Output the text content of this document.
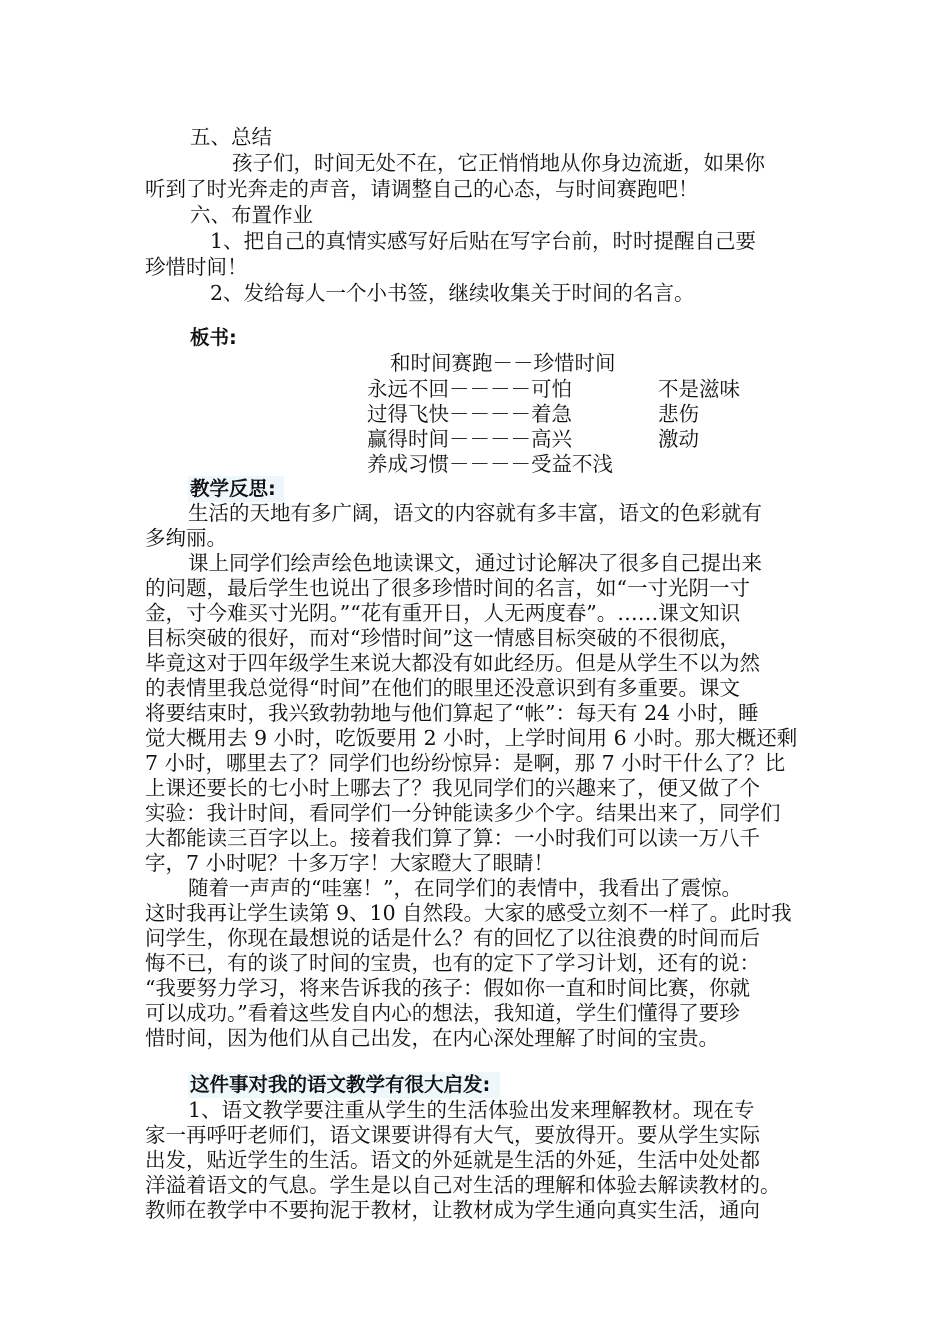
五、总结
孩子们，时间无处不在，它正悄悄地从你身边流逝，如果你
听到了时光奔走的声音，请调整自己的心态，与时间赛跑吧！
六、布置作业
1、把自己的真情实感写好后贴在写字台前，时时提醒自己要
珍惜时间！
2、发给每人一个小书签，继续收集关于时间的名言。
板书:
和时间赛跑－－珍惜时间
永远不回－－－－可怕	不是滋味
过得飞快－－－－着急	悲伤
赢得时间－－－－高兴	激动
养成习惯－－－－受益不浅
教学反思:
生活的天地有多广阔，语文的内容就有多丰富，语文的色彩就有
多绚丽。
课上同学们绘声绘色地读课文，通过讨论解决了很多自己提出来
的问题，最后学生也说出了很多珍惜时间的名言，如“一寸光阴一寸
金，寸今难买寸光阴。”“花有重开日，人无两度春”。……课文知识
目标突破的很好，而对“珍惜时间”这一情感目标突破的不很彻底，
毕竟这对于四年级学生来说大都没有如此经历。但是从学生不以为然
的表情里我总觉得“时间”在他们的眼里还没意识到有多重要。课文
将要结束时，我兴致勃勃地与他们算起了“帐”：每天有 24 小时，睡
觉大概用去 9 小时，吃饭要用 2 小时，上学时间用 6 小时。那大概还剩
7 小时，哪里去了？同学们也纷纷惊异：是啊，那 7 小时干什么了？比
上课还要长的七小时上哪去了？我见同学们的兴趣来了，便又做了个
实验：我计时间，看同学们一分钟能读多少个字。结果出来了，同学们
大都能读三百字以上。接着我们算了算：一小时我们可以读一万八千
字，7 小时呢？十多万字！大家瞪大了眼睛！
随着一声声的“哇塞！”，在同学们的表情中，我看出了震惊。
这时我再让学生读第 9、10 自然段。大家的感受立刻不一样了。此时我
问学生，你现在最想说的话是什么？有的回忆了以往浪费的时间而后
悔不已，有的谈了时间的宝贵，也有的定下了学习计划，还有的说：
“我要努力学习，将来告诉我的孩子：假如你一直和时间比赛，你就
可以成功。”看着这些发自内心的想法，我知道，学生们懂得了要珍
惜时间，因为他们从自己出发，在内心深处理解了时间的宝贵。
这件事对我的语文教学有很大启发:
1、语文教学要注重从学生的生活体验出发来理解教材。现在专
家一再呼吁老师们，语文课要讲得有大气，要放得开。要从学生实际
出发，贴近学生的生活。语文的外延就是生活的外延，生活中处处都
洋溢着语文的气息。学生是以自己对生活的理解和体验去解读教材的。
教师在教学中不要拘泥于教材，让教材成为学生通向真实生活，通向
